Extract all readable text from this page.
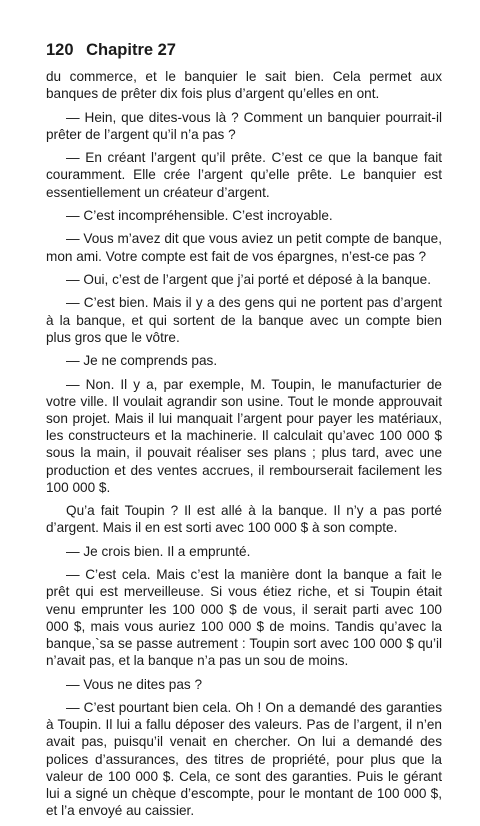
120 Chapitre 27

du commerce, et le banquier le sait bien. Cela permet aux banques de prêter dix fois plus d’argent qu’elles en ont.

— Hein, que dites-vous là ? Comment un banquier pourrait-il prêter de l’argent qu’il n’a pas ?

— En créant l’argent qu’il prête. C’est ce que la banque fait couramment. Elle crée l’argent qu’elle prête. Le banquier est essentiellement un créateur d’argent.

— C’est incompréhensible. C’est incroyable.

— Vous m’avez dit que vous aviez un petit compte de banque, mon ami. Votre compte est fait de vos épargnes, n’est-ce pas ?

— Oui, c’est de l’argent que j’ai porté et déposé à la banque.

— C’est bien. Mais il y a des gens qui ne portent pas d’argent à la banque, et qui sortent de la banque avec un compte bien plus gros que le vôtre.

— Je ne comprends pas.

— Non. Il y a, par exemple, M. Toupin, le manufacturier de votre ville. Il voulait agrandir son usine. Tout le monde approuvait son projet. Mais il lui manquait l’argent pour payer les matériaux, les constructeurs et la machinerie. Il calculait qu’avec 100 000 $ sous la main, il pouvait réaliser ses plans ; plus tard, avec une production et des ventes accrues, il rembourserait facilement les 100 000 $.

Qu’a fait Toupin ? Il est allé à la banque. Il n’y a pas porté d’argent. Mais il en est sorti avec 100 000 $ à son compte.

— Je crois bien. Il a emprunté.

— C’est cela. Mais c’est la manière dont la banque a fait le prêt qui est merveilleuse. Si vous étiez riche, et si Toupin était venu emprunter les 100 000 $ de vous, il serait parti avec 100 000 $, mais vous auriez 100 000 $ de moins. Tandis qu’avec la banque,`sa se passe autrement : Toupin sort avec 100 000 $ qu’il n’avait pas, et la banque n’a pas un sou de moins.

— Vous ne dites pas ?

— C’est pourtant bien cela. Oh ! On a demandé des garanties à Toupin. Il lui a fallu déposer des valeurs. Pas de l’argent, il n’en avait pas, puisqu’il venait en chercher. On lui a demandé des polices d’assurances, des titres de propriété, pour plus que la valeur de 100 000 $. Cela, ce sont des garanties. Puis le gérant lui a signé un chèque d’escompte, pour le montant de 100 000 $, et l’a envoyé au caissier.
